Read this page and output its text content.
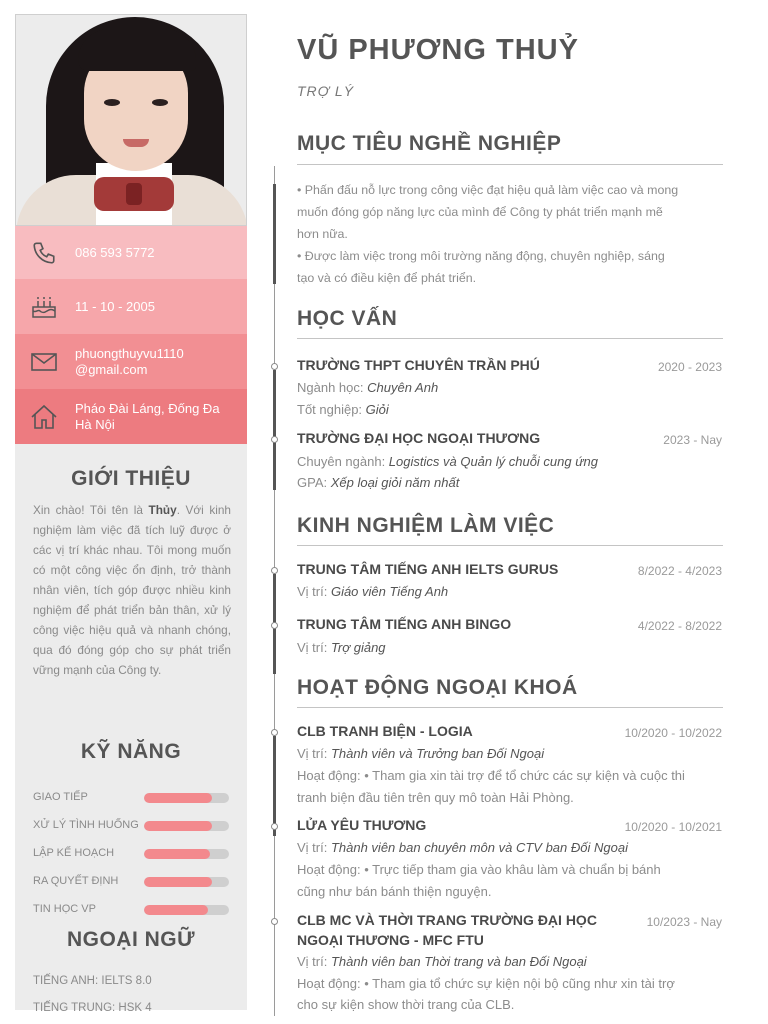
086 593 5772
11 - 10 - 2005
phuongthuyvu1110
@gmail.com
Pháo Đài Láng, Đống Đa
Hà Nội
GIỚI THIỆU
Xin chào! Tôi tên là Thủy. Với kinh nghiệm làm việc đã tích luỹ được ở các vị trí khác nhau. Tôi mong muốn có một công việc ổn định, trở thành nhân viên, tích góp được nhiều kinh nghiệm để phát triển bản thân, xử lý công việc hiệu quả và nhanh chóng, qua đó đóng góp cho sự phát triển vững mạnh của Công ty.
KỸ NĂNG
GIAO TIẾP
XỬ LÝ TÌNH HUỐNG
LẬP KẾ HOẠCH
RA QUYẾT ĐỊNH
TIN HỌC VP
NGOẠI NGỮ
TIẾNG ANH: IELTS 8.0
TIẾNG TRUNG: HSK 4
VŨ PHƯƠNG THUỶ
TRỢ LÝ
MỤC TIÊU NGHỀ NGHIỆP
• Phấn đấu nỗ lực trong công việc đạt hiệu quả làm việc cao và mong
muốn đóng góp năng lực của mình để Công ty phát triển mạnh mẽ
hơn nữa.
• Được làm việc trong môi trường năng động, chuyên nghiệp, sáng
tạo và có điều kiện để phát triển.
HỌC VẤN
TRƯỜNG THPT CHUYÊN TRẦN PHÚ	2020 - 2023
Ngành học: Chuyên Anh
Tốt nghiệp: Giỏi
TRƯỜNG ĐẠI HỌC NGOẠI THƯƠNG	2023 - Nay
Chuyên ngành: Logistics và Quản lý chuỗi cung ứng
GPA: Xếp loại giỏi năm nhất
KINH NGHIỆM LÀM VIỆC
TRUNG TÂM TIẾNG ANH IELTS GURUS	8/2022 - 4/2023
Vị trí: Giáo viên Tiếng Anh
TRUNG TÂM TIẾNG ANH BINGO	4/2022 - 8/2022
Vị trí: Trợ giảng
HOẠT ĐỘNG NGOẠI KHOÁ
CLB TRANH BIỆN - LOGIA	10/2020 - 10/2022
Vị trí: Thành viên và Trưởng ban Đối Ngoại
Hoạt động: • Tham gia xin tài trợ để tổ chức các sự kiện và cuộc thi
tranh biện đầu tiên trên quy mô toàn Hải Phòng.
LỬA YÊU THƯƠNG	10/2020 - 10/2021
Vị trí: Thành viên ban chuyên môn và CTV ban Đối Ngoại
Hoạt động: • Trực tiếp tham gia vào khâu làm và chuẩn bị bánh
cũng như bán bánh thiện nguyện.
CLB MC VÀ THỜI TRANG TRƯỜNG ĐẠI HỌC
NGOẠI THƯƠNG - MFC FTU
10/2023 - Nay
Vị trí: Thành viên ban Thời trang và ban Đối Ngoại
Hoạt động: • Tham gia tổ chức sự kiện nội bộ cũng như xin tài trợ
cho sự kiện show thời trang của CLB.
